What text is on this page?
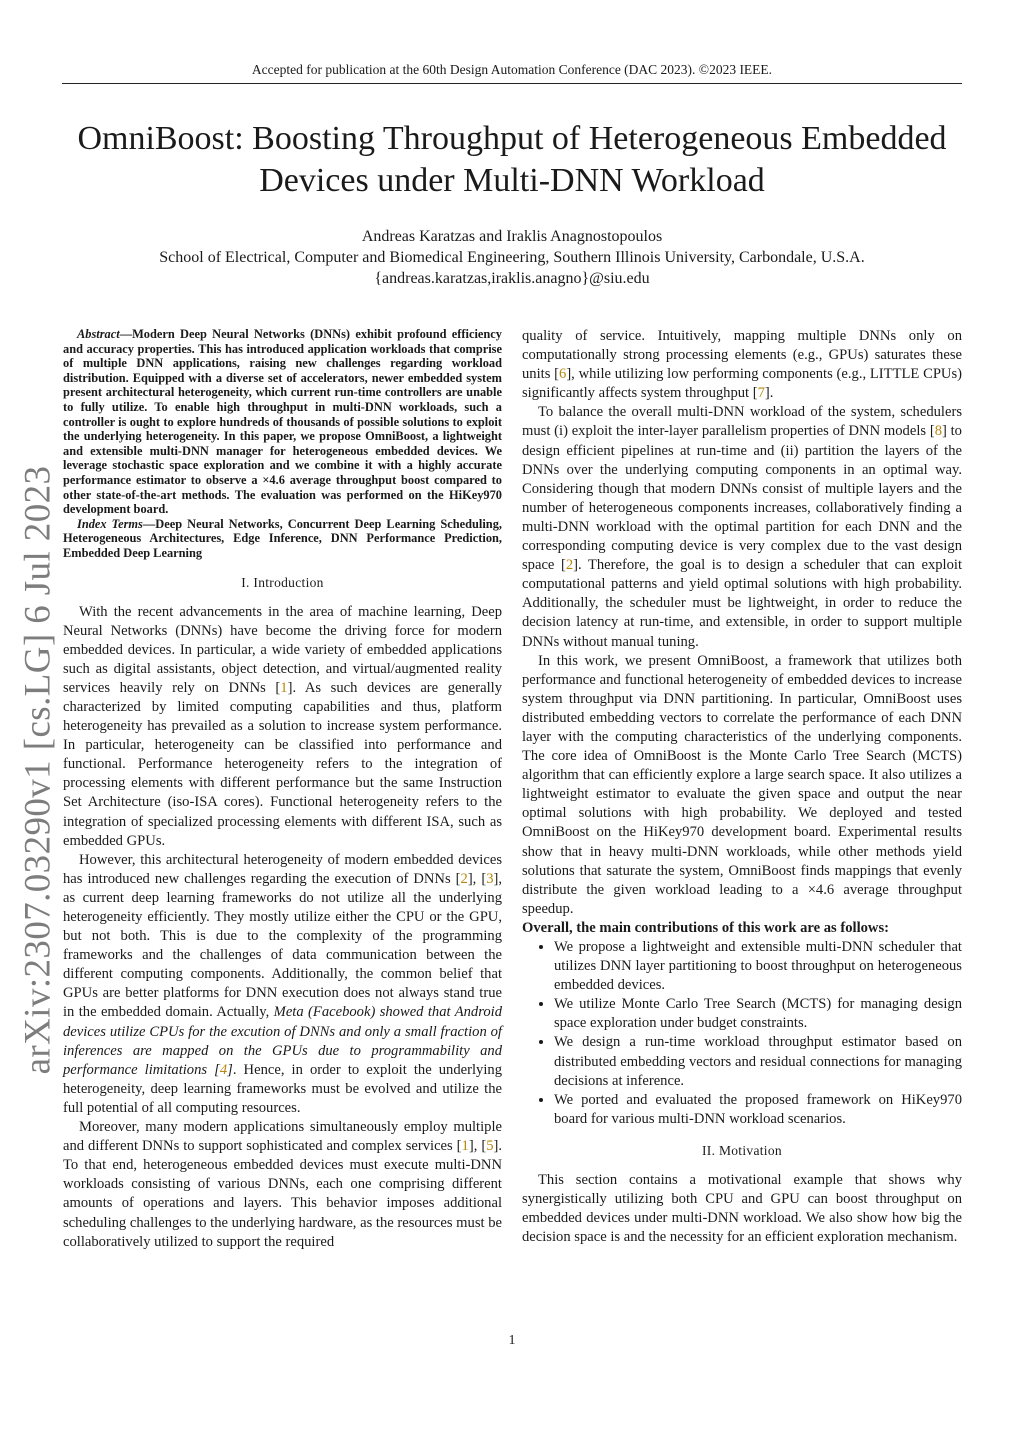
Accepted for publication at the 60th Design Automation Conference (DAC 2023). ©2023 IEEE.
OmniBoost: Boosting Throughput of Heterogeneous Embedded
Devices under Multi-DNN Workload
Andreas Karatzas and Iraklis Anagnostopoulos
School of Electrical, Computer and Biomedical Engineering, Southern Illinois University, Carbondale, U.S.A.
{andreas.karatzas,iraklis.anagno}@siu.edu
arXiv:2307.03290v1 [cs.LG] 6 Jul 2023

Abstract—Modern Deep Neural Networks (DNNs) exhibit profound efficiency and accuracy properties. This has introduced application workloads that comprise of multiple DNN applications, raising new challenges regarding workload distribution. Equipped with a diverse set of accelerators, newer embedded system present architectural heterogeneity, which current run-time controllers are unable to fully utilize. To enable high throughput in multi-DNN workloads, such a controller is ought to explore hundreds of thousands of possible solutions to exploit the underlying heterogeneity. In this paper, we propose OmniBoost, a lightweight and extensible multi-DNN manager for heterogeneous embedded devices. We leverage stochastic space exploration and we combine it with a highly accurate performance estimator to observe a ×4.6 average throughput boost compared to other state-of-the-art methods. The evaluation was performed on the HiKey970 development board.

Index Terms—Deep Neural Networks, Concurrent Deep Learning Scheduling, Heterogeneous Architectures, Edge Inference, DNN Performance Prediction, Embedded Deep Learning

I. Introduction

With the recent advancements in the area of machine learning, Deep Neural Networks (DNNs) have become the driving force for modern embedded devices. In particular, a wide variety of embedded applications such as digital assistants, object detection, and virtual/augmented reality services heavily rely on DNNs [1]. As such devices are generally characterized by limited computing capabilities and thus, platform heterogeneity has prevailed as a solution to increase system performance. In particular, heterogeneity can be classified into performance and functional. Performance heterogeneity refers to the integration of processing elements with different performance but the same Instruction Set Architecture (iso-ISA cores). Functional heterogeneity refers to the integration of specialized processing elements with different ISA, such as embedded GPUs.

However, this architectural heterogeneity of modern embedded devices has introduced new challenges regarding the execution of DNNs [2], [3], as current deep learning frameworks do not utilize all the underlying heterogeneity efficiently. They mostly utilize either the CPU or the GPU, but not both. This is due to the complexity of the programming frameworks and the challenges of data communication between the different computing components. Additionally, the common belief that GPUs are better platforms for DNN execution does not always stand true in the embedded domain. Actually, Meta (Facebook) showed that Android devices utilize CPUs for the excution of DNNs and only a small fraction of inferences are mapped on the GPUs due to programmability and performance limitations [4]. Hence, in order to exploit the underlying heterogeneity, deep learning frameworks must be evolved and utilize the full potential of all computing resources.

Moreover, many modern applications simultaneously employ multiple and different DNNs to support sophisticated and complex services [1], [5]. To that end, heterogeneous embedded devices must execute multi-DNN workloads consisting of various DNNs, each one comprising different amounts of operations and layers. This behavior imposes additional scheduling challenges to the underlying hardware, as the resources must be collaboratively utilized to support the required

quality of service. Intuitively, mapping multiple DNNs only on computationally strong processing elements (e.g., GPUs) saturates these units [6], while utilizing low performing components (e.g., LITTLE CPUs) significantly affects system throughput [7].

To balance the overall multi-DNN workload of the system, schedulers must (i) exploit the inter-layer parallelism properties of DNN models [8] to design efficient pipelines at run-time and (ii) partition the layers of the DNNs over the underlying computing components in an optimal way. Considering though that modern DNNs consist of multiple layers and the number of heterogeneous components increases, collaboratively finding a multi-DNN workload with the optimal partition for each DNN and the corresponding computing device is very complex due to the vast design space [2]. Therefore, the goal is to design a scheduler that can exploit computational patterns and yield optimal solutions with high probability. Additionally, the scheduler must be lightweight, in order to reduce the decision latency at run-time, and extensible, in order to support multiple DNNs without manual tuning.

In this work, we present OmniBoost, a framework that utilizes both performance and functional heterogeneity of embedded devices to increase system throughput via DNN partitioning. In particular, OmniBoost uses distributed embedding vectors to correlate the performance of each DNN layer with the computing characteristics of the underlying components. The core idea of OmniBoost is the Monte Carlo Tree Search (MCTS) algorithm that can efficiently explore a large search space. It also utilizes a lightweight estimator to evaluate the given space and output the near optimal solutions with high probability. We deployed and tested OmniBoost on the HiKey970 development board. Experimental results show that in heavy multi-DNN workloads, while other methods yield solutions that saturate the system, OmniBoost finds mappings that evenly distribute the given workload leading to a ×4.6 average throughput speedup.

Overall, the main contributions of this work are as follows:

• We propose a lightweight and extensible multi-DNN scheduler that utilizes DNN layer partitioning to boost throughput on heterogeneous embedded devices.
• We utilize Monte Carlo Tree Search (MCTS) for managing design space exploration under budget constraints.
• We design a run-time workload throughput estimator based on distributed embedding vectors and residual connections for managing decisions at inference.
• We ported and evaluated the proposed framework on HiKey970 board for various multi-DNN workload scenarios.
II. Motivation

This section contains a motivational example that shows why synergistically utilizing both CPU and GPU can boost throughput on embedded devices under multi-DNN workload. We also show how big the decision space is and the necessity for an efficient exploration mechanism.

1
